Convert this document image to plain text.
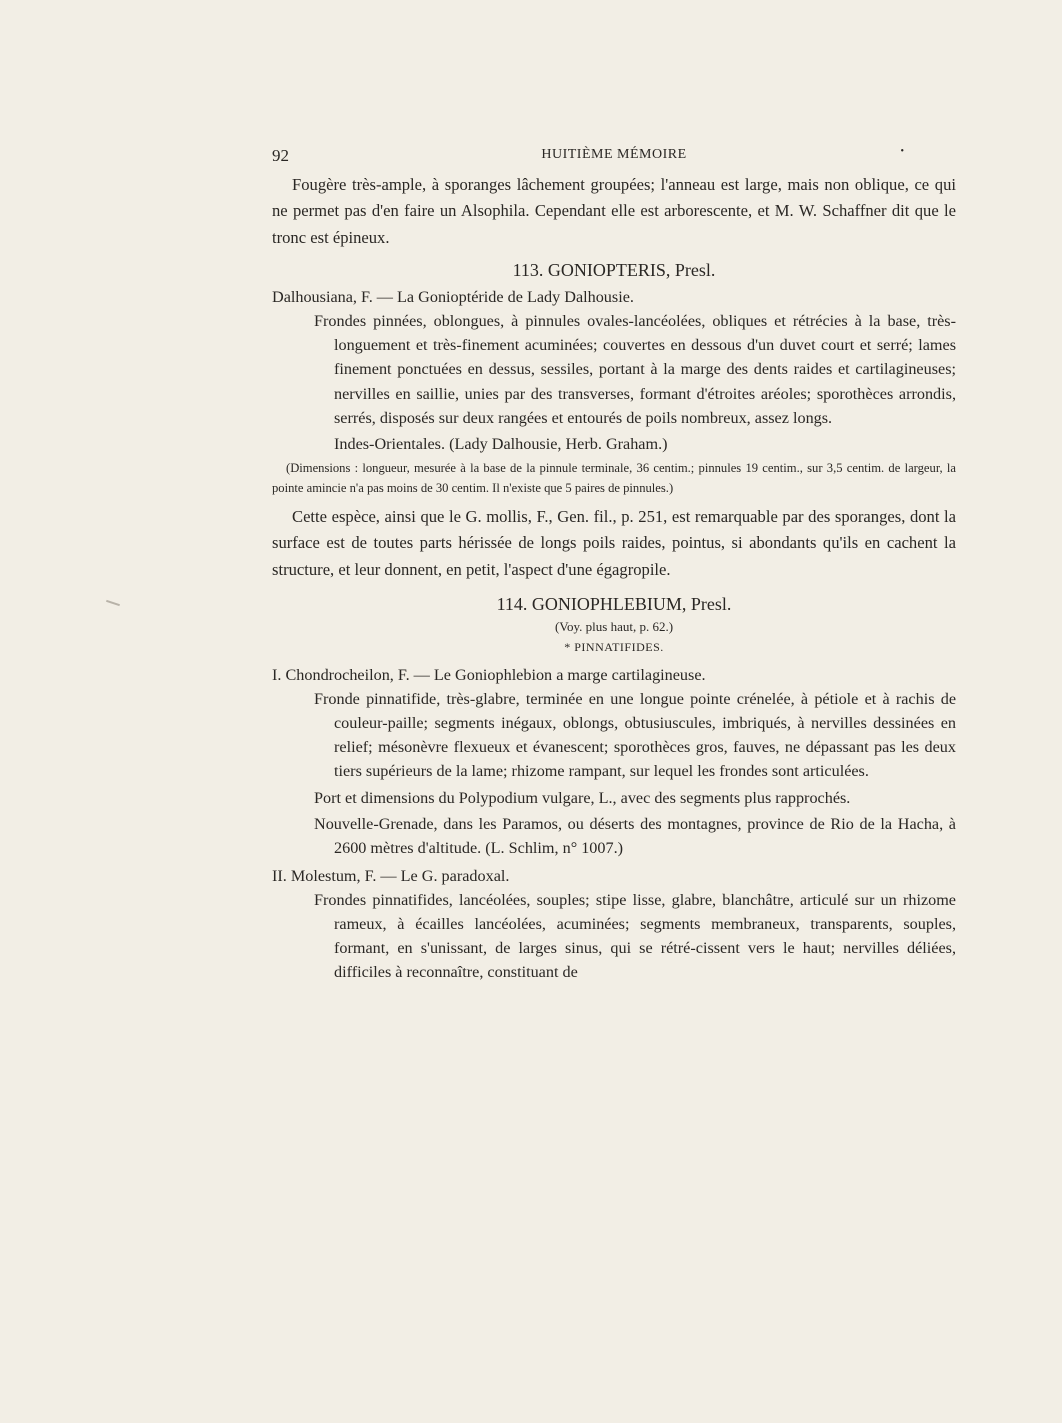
92	HUITIÈME MÉMOIRE	•

Fougère très-ample, à sporanges lâchement groupées; l'anneau est large, mais non oblique, ce qui ne permet pas d'en faire un Alsophila. Cependant elle est arborescente, et M. W. Schaffner dit que le tronc est épineux.

113. GONIOPTERIS, Presl.

Dalhousiana, F. — La Gonioptéride de Lady Dalhousie.

Frondes pinnées, oblongues, à pinnules ovales-lancéolées, obliques et rétrécies à la base, très-longuement et très-finement acuminées; couvertes en dessous d'un duvet court et serré; lames finement ponctuées en dessus, sessiles, portant à la marge des dents raides et cartilagineuses; nervilles en saillie, unies par des transverses, formant d'étroites aréoles; sporothèces arrondis, serrés, disposés sur deux rangées et entourés de poils nombreux, assez longs.

Indes-Orientales. (Lady Dalhousie, Herb. Graham.)

(Dimensions : longueur, mesurée à la base de la pinnule terminale, 36 centim.; pinnules 19 centim., sur 3,5 centim. de largeur, la pointe amincie n'a pas moins de 30 centim. Il n'existe que 5 paires de pinnules.)

Cette espèce, ainsi que le G. mollis, F., Gen. fil., p. 251, est remarquable par des sporanges, dont la surface est de toutes parts hérissée de longs poils raides, pointus, si abondants qu'ils en cachent la structure, et leur donnent, en petit, l'aspect d'une égagropile.

114. GONIOPHLEBIUM, Presl.

(Voy. plus haut, p. 62.)

* PINNATIFIDES.

I. Chondrocheilon, F. — Le Goniophlebion a marge cartilagineuse.

Fronde pinnatifide, très-glabre, terminée en une longue pointe crénelée, à pétiole et à rachis de couleur-paille; segments inégaux, oblongs, obtusiuscules, imbriqués, à nervilles dessinées en relief; mésonèvre flexueux et évanescent; sporothèces gros, fauves, ne dépassant pas les deux tiers supérieurs de la lame; rhizome rampant, sur lequel les frondes sont articulées.

Port et dimensions du Polypodium vulgare, L., avec des segments plus rapprochés.

Nouvelle-Grenade, dans les Paramos, ou déserts des montagnes, province de Rio de la Hacha, à 2600 mètres d'altitude. (L. Schlim, n° 1007.)

II. Molestum, F. — Le G. paradoxal.

Frondes pinnatifides, lancéolées, souples; stipe lisse, glabre, blanchâtre, articulé sur un rhizome rameux, à écailles lancéolées, acuminées; segments membraneux, transparents, souples, formant, en s'unissant, de larges sinus, qui se rétré-cissent vers le haut; nervilles déliées, difficiles à reconnaître, constituant de
